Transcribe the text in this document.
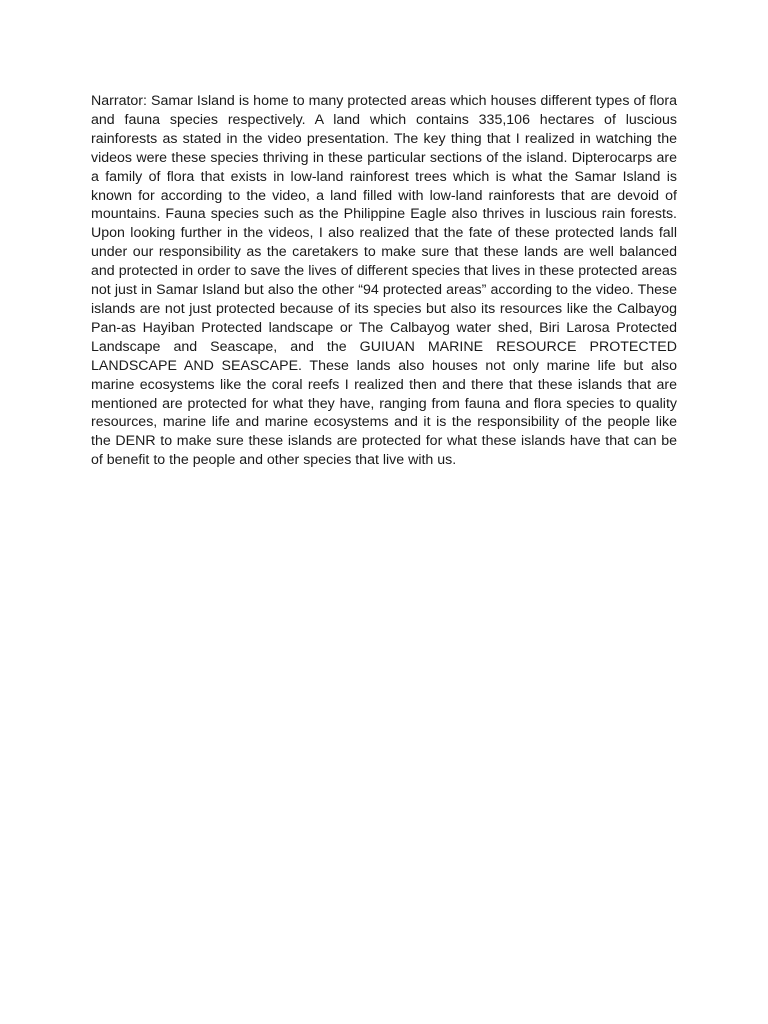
Narrator: Samar Island is home to many protected areas which houses different types of flora and fauna species respectively. A land which contains 335,106 hectares of luscious rainforests as stated in the video presentation. The key thing that I realized in watching the videos were these species thriving in these particular sections of the island. Dipterocarps are a family of flora that exists in low-land rainforest trees which is what the Samar Island is known for according to the video, a land filled with low-land rainforests that are devoid of mountains. Fauna species such as the Philippine Eagle also thrives in luscious rain forests. Upon looking further in the videos, I also realized that the fate of these protected lands fall under our responsibility as the caretakers to make sure that these lands are well balanced and protected in order to save the lives of different species that lives in these protected areas not just in Samar Island but also the other “94 protected areas” according to the video. These islands are not just protected because of its species but also its resources like the Calbayog Pan-as Hayiban Protected landscape or The Calbayog water shed, Biri Larosa Protected Landscape and Seascape, and the GUIUAN MARINE RESOURCE PROTECTED LANDSCAPE AND SEASCAPE. These lands also houses not only marine life but also marine ecosystems like the coral reefs I realized then and there that these islands that are mentioned are protected for what they have, ranging from fauna and flora species to quality resources, marine life and marine ecosystems and it is the responsibility of the people like the DENR to make sure these islands are protected for what these islands have that can be of benefit to the people and other species that live with us.
